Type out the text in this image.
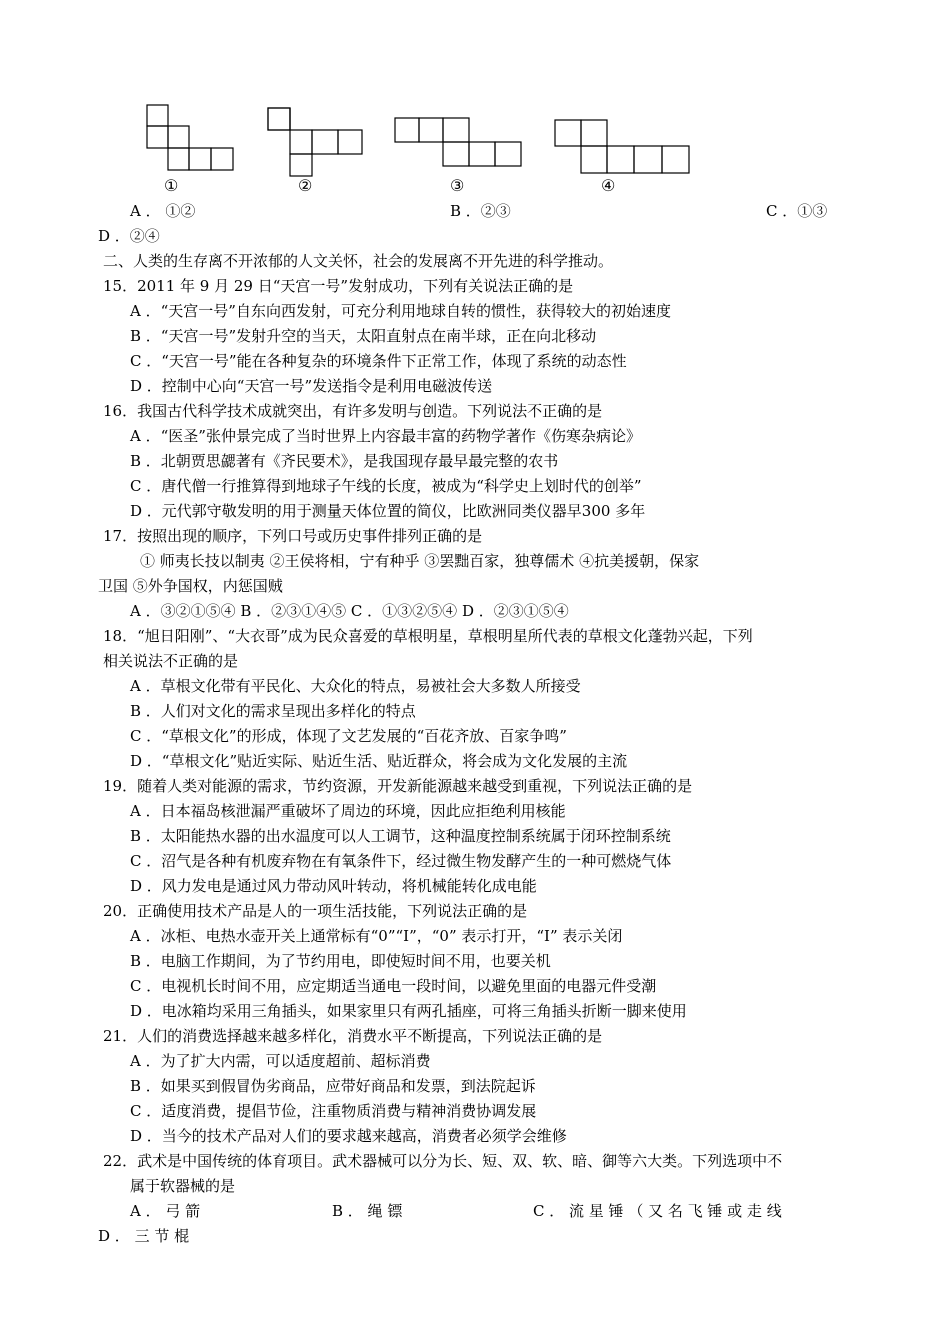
①	②	③	④
A ． ①②	B ．②③	C ．①③
D ．②④
二、人类的生存离不开浓郁的人文关怀，社会的发展离不开先进的科学推动。
15．2011 年 9 月 29 日“天宫一号”发射成功，下列有关说法正确的是
A ．“天宫一号”自东向西发射，可充分利用地球自转的惯性，获得较大的初始速度
B ．“天宫一号”发射升空的当天，太阳直射点在南半球，正在向北移动
C ．“天宫一号”能在各种复杂的环境条件下正常工作，体现了系统的动态性
D ．控制中心向“天宫一号”发送指令是利用电磁波传送
16．我国古代科学技术成就突出，有许多发明与创造。下列说法不正确的是
A ．“医圣”张仲景完成了当时世界上内容最丰富的药物学著作《伤寒杂病论》
B ．北朝贾思勰著有《齐民要术》，是我国现存最早最完整的农书
C ．唐代僧一行推算得到地球子午线的长度，被成为“科学史上划时代的创举”
D ．元代郭守敬发明的用于测量天体位置的简仪，比欧洲同类仪器早300 多年
17．按照出现的顺序，下列口号或历史事件排列正确的是
① 师夷长技以制夷 ②王侯将相，宁有种乎 ③罢黜百家，独尊儒术 ④抗美援朝，保家
卫国 ⑤外争国权，内惩国贼
A ．③②①⑤④ B ．②③①④⑤ C ．①③②⑤④ D ．②③①⑤④
18．“旭日阳刚”、“大衣哥”成为民众喜爱的草根明星，草根明星所代表的草根文化蓬勃兴起，下列
相关说法不正确的是
A ．草根文化带有平民化、大众化的特点，易被社会大多数人所接受
B ．人们对文化的需求呈现出多样化的特点
C ．“草根文化”的形成，体现了文艺发展的“百花齐放、百家争鸣”
D ．“草根文化”贴近实际、贴近生活、贴近群众，将会成为文化发展的主流
19．随着人类对能源的需求，节约资源，开发新能源越来越受到重视，下列说法正确的是
A ．日本福岛核泄漏严重破坏了周边的环境，因此应拒绝利用核能
B ．太阳能热水器的出水温度可以人工调节，这种温度控制系统属于闭环控制系统
C ．沼气是各种有机废弃物在有氧条件下，经过微生物发酵产生的一种可燃烧气体
D ．风力发电是通过风力带动风叶转动，将机械能转化成电能
20．正确使用技术产品是人的一项生活技能，下列说法正确的是
A ．冰柜、电热水壶开关上通常标有“0”“I”，“0” 表示打开，“I” 表示关闭
B ．电脑工作期间，为了节约用电，即使短时间不用，也要关机
C ．电视机长时间不用，应定期适当通电一段时间，以避免里面的电器元件受潮
D ．电冰箱均采用三角插头，如果家里只有两孔插座，可将三角插头折断一脚来使用
21．人们的消费选择越来越多样化，消费水平不断提高，下列说法正确的是
A ．为了扩大内需，可以适度超前、超标消费
B ．如果买到假冒伪劣商品，应带好商品和发票，到法院起诉
C ．适度消费，提倡节俭，注重物质消费与精神消费协调发展
D ．当今的技术产品对人们的要求越来越高，消费者必须学会维修
22．武术是中国传统的体育项目。武术器械可以分为长、短、双、软、暗、御等六大类。下列选项中不
属于软器械的是
A ． 弓 箭	B ． 绳 镖	C ． 流 星 锤 （ 又 名 飞 锤 或 走 线
D ． 三 节 棍
